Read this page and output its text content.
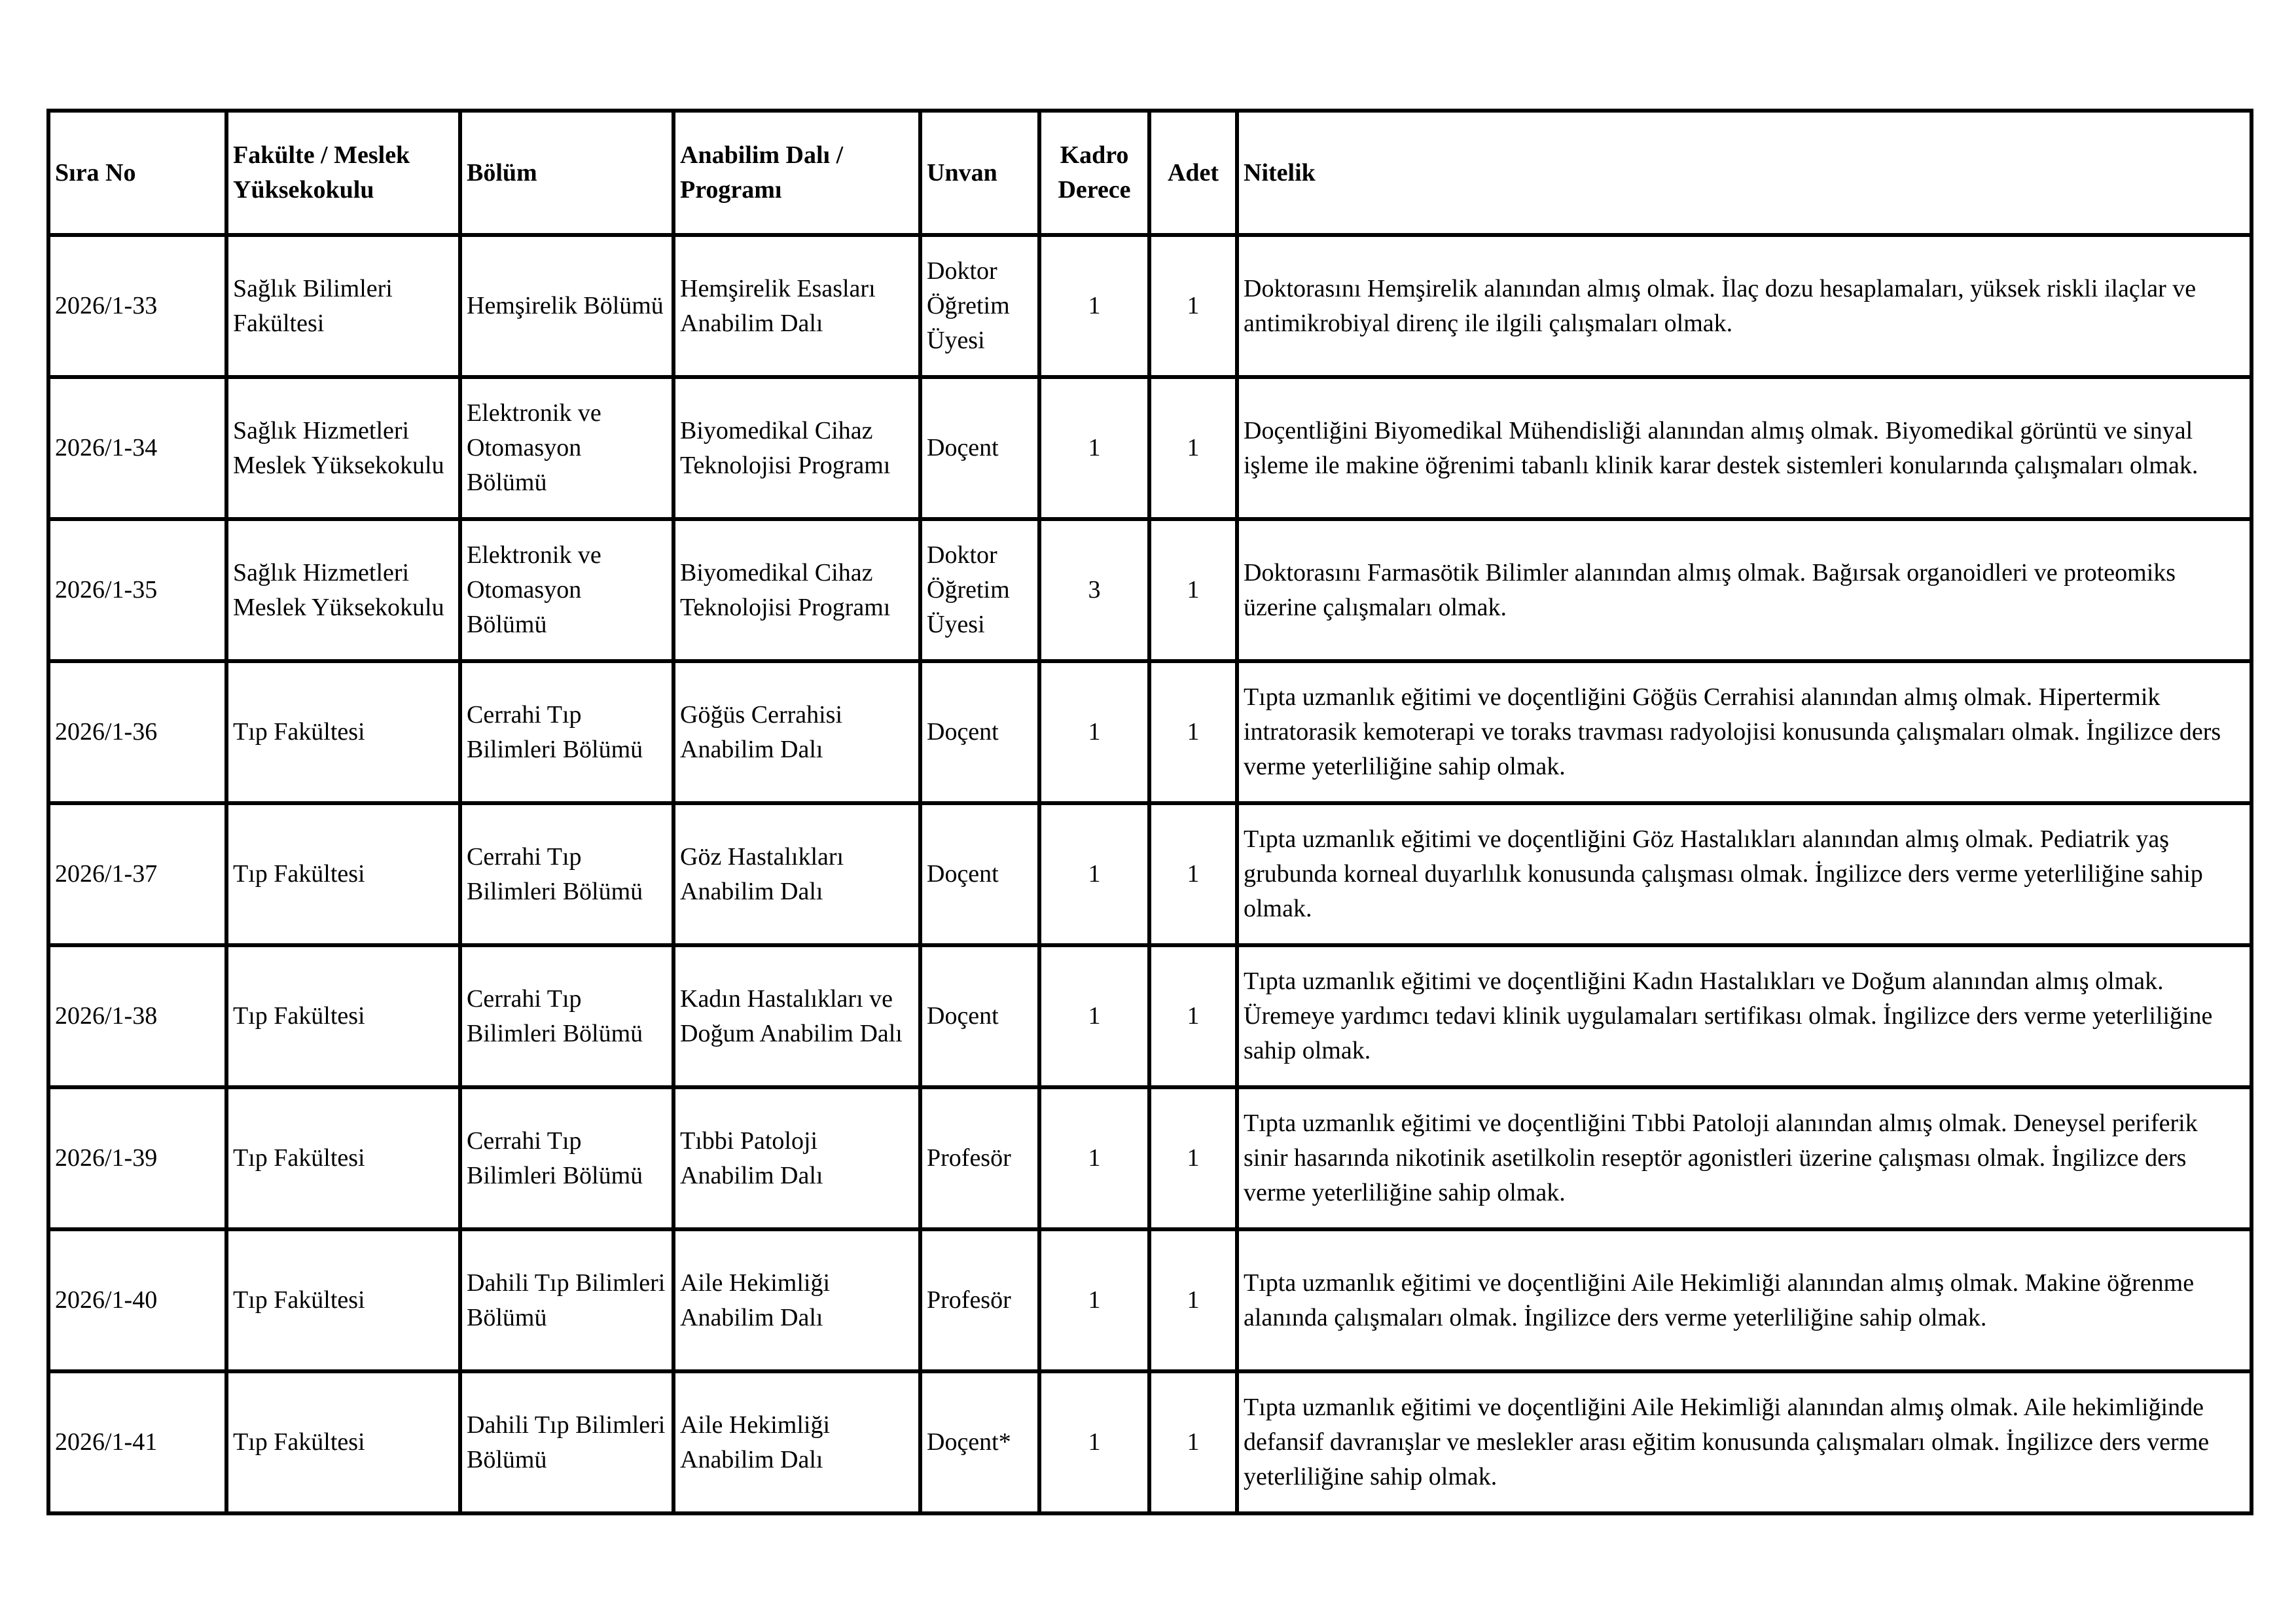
Sıra No	Fakülte / Meslek Yüksekokulu	Bölüm	Anabilim Dalı / Programı	Unvan	Kadro Derece	Adet	Nitelik
2026/1-33	Sağlık Bilimleri Fakültesi	Hemşirelik Bölümü	Hemşirelik Esasları Anabilim Dalı	Doktor Öğretim Üyesi	1	1	Doktorasını Hemşirelik alanından almış olmak. İlaç dozu hesaplamaları, yüksek riskli ilaçlar ve antimikrobiyal direnç ile ilgili çalışmaları olmak.
2026/1-34	Sağlık Hizmetleri Meslek Yüksekokulu	Elektronik ve Otomasyon Bölümü	Biyomedikal Cihaz Teknolojisi Programı	Doçent	1	1	Doçentliğini Biyomedikal Mühendisliği alanından almış olmak. Biyomedikal görüntü ve sinyal işleme ile makine öğrenimi tabanlı klinik karar destek sistemleri konularında çalışmaları olmak.
2026/1-35	Sağlık Hizmetleri Meslek Yüksekokulu	Elektronik ve Otomasyon Bölümü	Biyomedikal Cihaz Teknolojisi Programı	Doktor Öğretim Üyesi	3	1	Doktorasını Farmasötik Bilimler alanından almış olmak. Bağırsak organoidleri ve proteomiks üzerine çalışmaları olmak.
2026/1-36	Tıp Fakültesi	Cerrahi Tıp Bilimleri Bölümü	Göğüs Cerrahisi Anabilim Dalı	Doçent	1	1	Tıpta uzmanlık eğitimi ve doçentliğini Göğüs Cerrahisi alanından almış olmak. Hipertermik intratorasik kemoterapi ve toraks travması radyolojisi konusunda çalışmaları olmak. İngilizce ders verme yeterliliğine sahip olmak.
2026/1-37	Tıp Fakültesi	Cerrahi Tıp Bilimleri Bölümü	Göz Hastalıkları Anabilim Dalı	Doçent	1	1	Tıpta uzmanlık eğitimi ve doçentliğini Göz Hastalıkları alanından almış olmak. Pediatrik yaş grubunda korneal duyarlılık konusunda çalışması olmak. İngilizce ders verme yeterliliğine sahip olmak.
2026/1-38	Tıp Fakültesi	Cerrahi Tıp Bilimleri Bölümü	Kadın Hastalıkları ve Doğum Anabilim Dalı	Doçent	1	1	Tıpta uzmanlık eğitimi ve doçentliğini Kadın Hastalıkları ve Doğum alanından almış olmak. Üremeye yardımcı tedavi klinik uygulamaları sertifikası olmak. İngilizce ders verme yeterliliğine sahip olmak.
2026/1-39	Tıp Fakültesi	Cerrahi Tıp Bilimleri Bölümü	Tıbbi Patoloji Anabilim Dalı	Profesör	1	1	Tıpta uzmanlık eğitimi ve doçentliğini Tıbbi Patoloji alanından almış olmak. Deneysel periferik sinir hasarında nikotinik asetilkolin reseptör agonistleri üzerine çalışması olmak. İngilizce ders verme yeterliliğine sahip olmak.
2026/1-40	Tıp Fakültesi	Dahili Tıp Bilimleri Bölümü	Aile Hekimliği Anabilim Dalı	Profesör	1	1	Tıpta uzmanlık eğitimi ve doçentliğini Aile Hekimliği alanından almış olmak. Makine öğrenme alanında çalışmaları olmak. İngilizce ders verme yeterliliğine sahip olmak.
2026/1-41	Tıp Fakültesi	Dahili Tıp Bilimleri Bölümü	Aile Hekimliği Anabilim Dalı	Doçent*	1	1	Tıpta uzmanlık eğitimi ve doçentliğini Aile Hekimliği alanından almış olmak. Aile hekimliğinde defansif davranışlar ve meslekler arası eğitim konusunda çalışmaları olmak. İngilizce ders verme yeterliliğine sahip olmak.
